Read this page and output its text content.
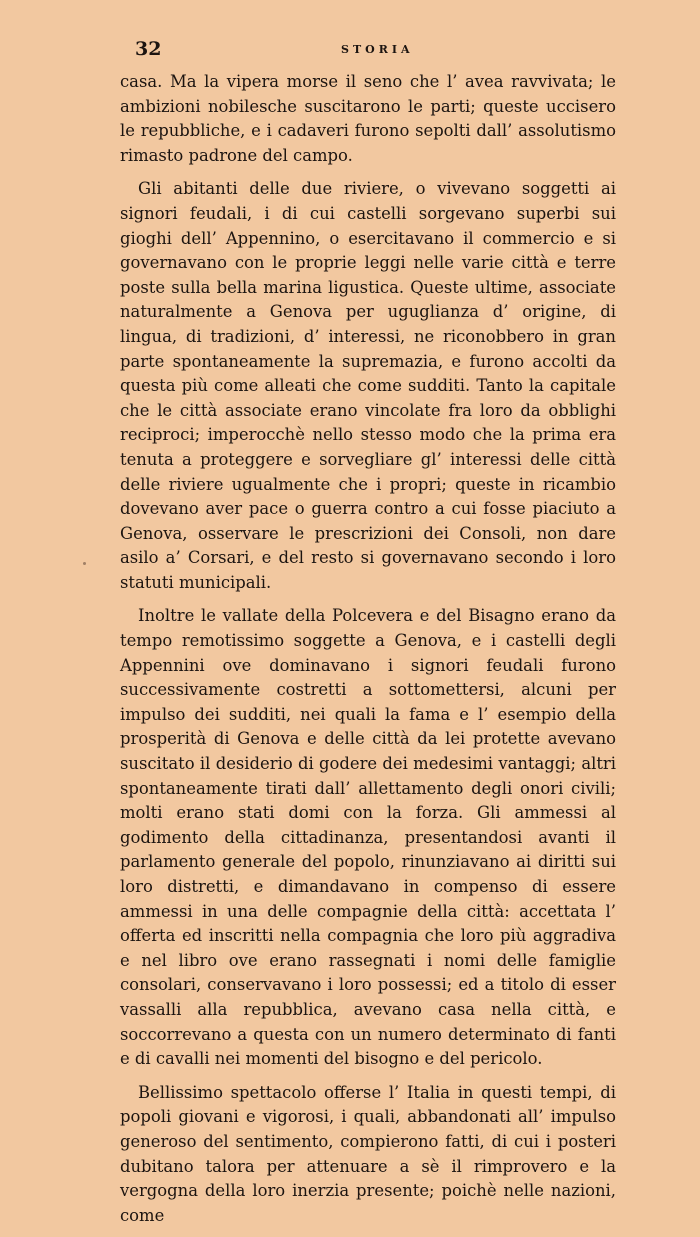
32	STORIA

casa. Ma la vipera morse il seno che l’ avea ravvivata; le ambizioni nobilesche suscitarono le parti; queste uccisero le repubbliche, e i cadaveri furono sepolti dall’ assolutismo rimasto padrone del campo.

Gli abitanti delle due riviere, o vivevano soggetti ai signori feudali, i di cui castelli sorgevano superbi sui gioghi dell’ Appennino, o esercitavano il commercio e si governavano con le proprie leggi nelle varie città e terre poste sulla bella marina ligustica. Queste ultime, associate naturalmente a Genova per uguglianza d’ origine, di lingua, di tradizioni, d’ interessi, ne riconobbero in gran parte spontaneamente la supremazia, e furono accolti da questa più come alleati che come sudditi. Tanto la capitale che le città associate erano vincolate fra loro da obblighi reciproci; imperocchè nello stesso modo che la prima era tenuta a proteggere e sorvegliare gl’ interessi delle città delle riviere ugualmente che i propri; queste in ricambio dovevano aver pace o guerra contro a cui fosse piaciuto a Genova, osservare le prescrizioni dei Consoli, non dare asilo a’ Corsari, e del resto si governavano secondo i loro statuti municipali.

Inoltre le vallate della Polcevera e del Bisagno erano da tempo remotissimo soggette a Genova, e i castelli degli Appennini ove dominavano i signori feudali furono successivamente costretti a sottomettersi, alcuni per impulso dei sudditi, nei quali la fama e l’ esempio della prosperità di Genova e delle città da lei protette avevano suscitato il desiderio di godere dei medesimi vantaggi; altri spontaneamente tirati dall’ allettamento degli onori civili; molti erano stati domi con la forza. Gli ammessi al godimento della cittadinanza, presentandosi avanti il parlamento generale del popolo, rinunziavano ai diritti sui loro distretti, e dimandavano in compenso di essere ammessi in una delle compagnie della città: accettata l’ offerta ed inscritti nella compagnia che loro più aggradiva e nel libro ove erano rassegnati i nomi delle famiglie consolari, conservavano i loro possessi; ed a titolo di esser vassalli alla repubblica, avevano casa nella città, e soccorrevano a questa con un numero determinato di fanti e di cavalli nei momenti del bisogno e del pericolo.

Bellissimo spettacolo offerse l’ Italia in questi tempi, di popoli giovani e vigorosi, i quali, abbandonati all’ impulso generoso del sentimento, compierono fatti, di cui i posteri dubitano talora per attenuare a sè il rimprovero e la vergogna della loro inerzia presente; poichè nelle nazioni, come
